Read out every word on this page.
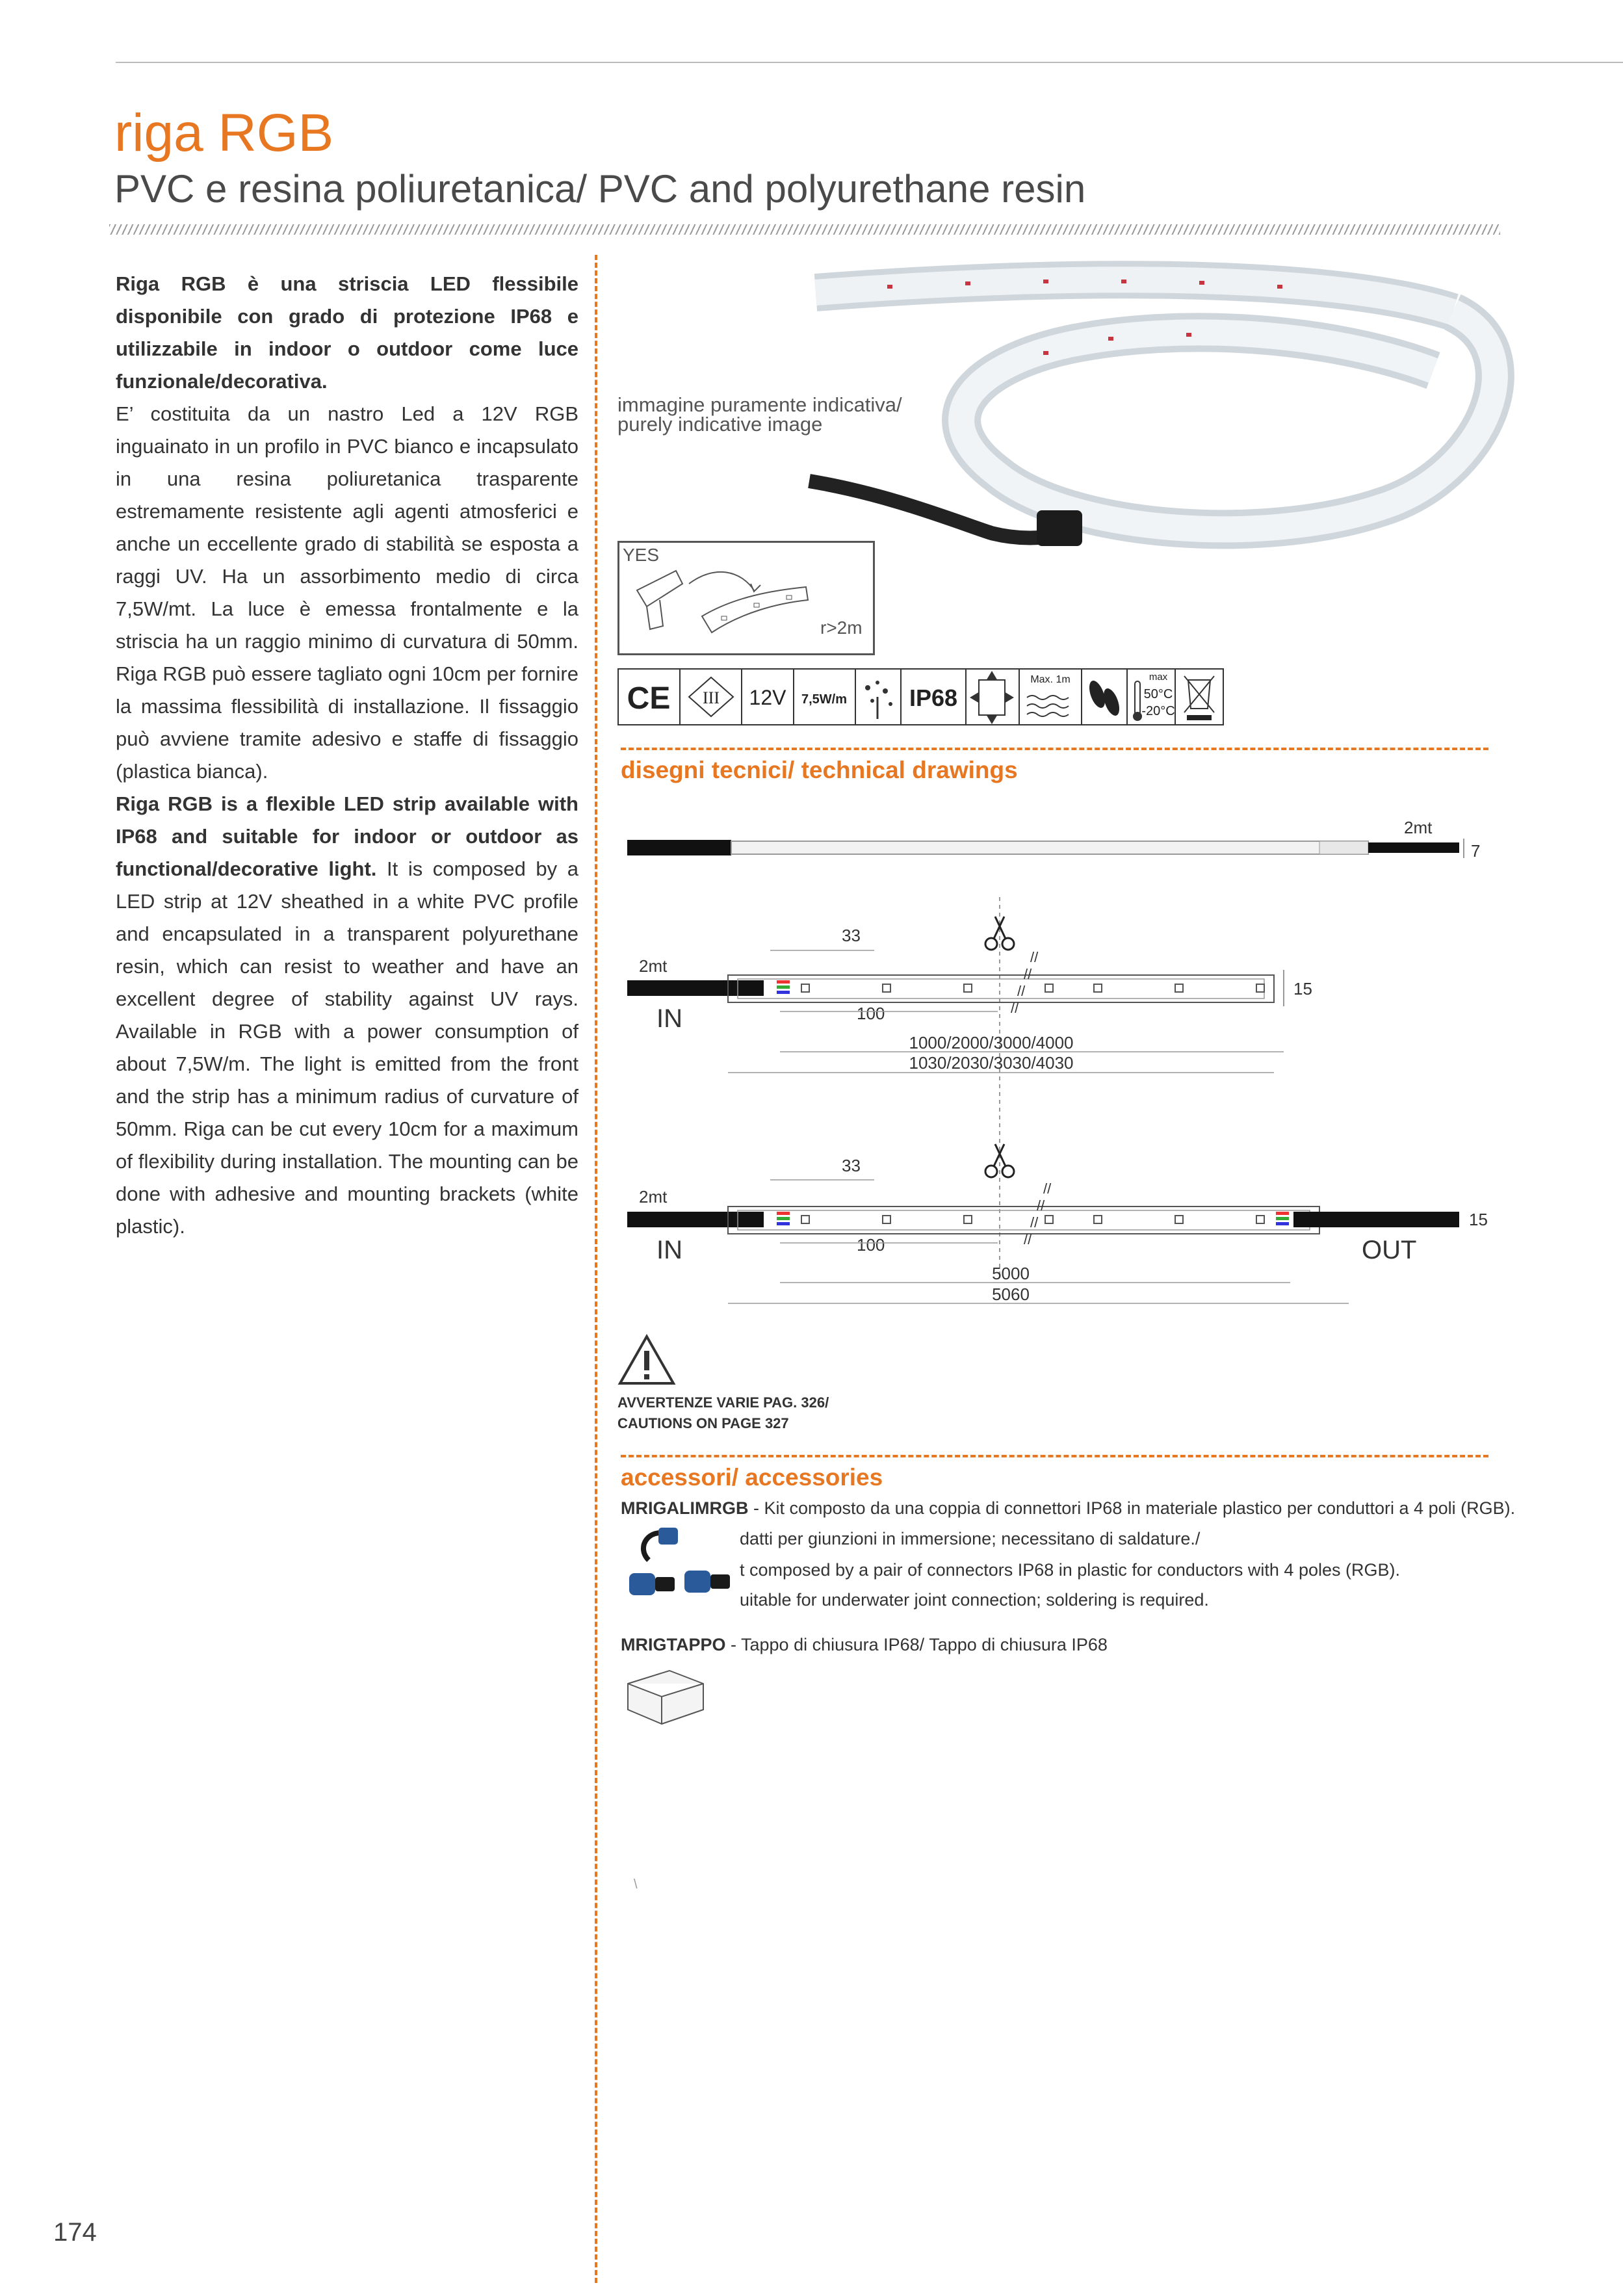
riga RGB
PVC e resina poliuretanica/ PVC and polyurethane resin
Riga RGB è una striscia LED flessibile disponibile con grado di protezione IP68 e utilizzabile in indoor o outdoor come luce funzionale/decorativa.
E’ costituita da un nastro Led a 12V RGB inguainato in un profilo in PVC bianco e incapsulato in una resina poliuretanica trasparente estremamente resistente agli agenti atmosferici e anche un eccellente grado di stabilità se esposta a raggi UV. Ha un assorbimento medio di circa 7,5W/mt. La luce è emessa frontalmente e la striscia ha un raggio minimo di curvatura di 50mm. Riga RGB può essere tagliato ogni 10cm per fornire la massima flessibilità di installazione. Il fissaggio può avviene tramite adesivo e staffe di fissaggio (plastica bianca).
Riga RGB is a flexible LED strip available with IP68 and suitable for indoor or outdoor as functional/decorative light. It is composed by a LED strip at 12V sheathed in a white PVC profile and encapsulated in a transparent polyurethane resin, which can resist to weather and have an excellent degree of stability against UV rays. Available in RGB with a power consumption of about 7,5W/m. The light is emitted from the front and the strip has a minimum radius of curvature of 50mm. Riga can be cut every 10cm for a maximum of flexibility during installation. The mounting can be done with adhesive and mounting brackets (white plastic).
immagine puramente indicativa/
purely indicative image
YES
r>2m
CE III 12V 7,5W/m	IP68
Max. 1m	max
50°C
-20°C
disegni tecnici/ technical drawings
2mt
7
33
2mt	//
//
//
//
15
IN	100
1000/2000/3000/4000
1030/2030/3030/4030
33
2mt	//
//
//
//
15
IN	OUT
100
5000
5060
AVVERTENZE VARIE PAG. 326/
CAUTIONS ON PAGE 327
accessori/ accessories
MRIGALIMRGB - Kit composto da una coppia di connettori IP68 in materiale plastico per conduttori a 4 poli (RGB).
datti per giunzioni in immersione; necessitano di saldature./
t composed by a pair of connectors IP68 in plastic for conductors with 4 poles (RGB).
uitable for underwater joint connection; soldering is required.
MRIGTAPPO - Tappo di chiusura IP68/ Tappo di chiusura IP68
\
174
